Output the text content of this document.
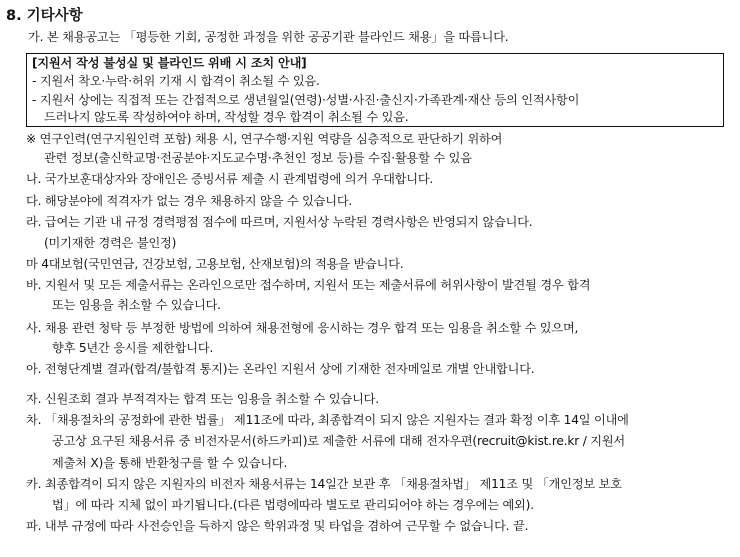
8. 기타사항
가. 본 채용공고는 「평등한 기회, 공정한 과정을 위한 공공기관 블라인드 채용」을 따릅니다.
[지원서 작성 불성실 및 블라인드 위배 시 조치 안내]
- 지원서 착오·누락·허위 기재 시 합격이 취소될 수 있음.
- 지원서 상에는 직접적 또는 간접적으로 생년월일(연령)·성별·사진·출신지·가족관계·재산 등의 인적사항이
드러나지 않도록 작성하여야 하며, 작성할 경우 합격이 취소될 수 있음.
※ 연구인력(연구지원인력 포함) 채용 시, 연구수행·지원 역량을 심층적으로 판단하기 위하여
관련 정보(출신학교명·전공분야·지도교수명·추천인 정보 등)를 수집·활용할 수 있음
나. 국가보훈대상자와 장애인은 증빙서류 제출 시 관계법령에 의거 우대합니다.
다. 해당분야에 적격자가 없는 경우 채용하지 않을 수 있습니다.
라. 급여는 기관 내 규정 경력평점 점수에 따르며, 지원서상 누락된 경력사항은 반영되지 않습니다.
(미기재한 경력은 불인정)
마 4대보험(국민연금, 건강보험, 고용보험, 산재보험)의 적용을 받습니다.
바. 지원서 및 모든 제출서류는 온라인으로만 접수하며, 지원서 또는 제출서류에 허위사항이 발견될 경우 합격
또는 임용을 취소할 수 있습니다.
사. 채용 관련 청탁 등 부정한 방법에 의하여 채용전형에 응시하는 경우 합격 또는 임용을 취소할 수 있으며,
향후 5년간 응시를 제한합니다.
아. 전형단계별 결과(합격/불합격 통지)는 온라인 지원서 상에 기재한 전자메일로 개별 안내합니다.
자. 신원조회 결과 부적격자는 합격 또는 임용을 취소할 수 있습니다.
차. 「채용절차의 공정화에 관한 법률」 제11조에 따라, 최종합격이 되지 않은 지원자는 결과 확정 이후 14일 이내에
공고상 요구된 채용서류 중 비전자문서(하드카피)로 제출한 서류에 대해 전자우편(recruit@kist.re.kr / 지원서
제출처 X)을 통해 반환청구를 할 수 있습니다.
카. 최종합격이 되지 않은 지원자의 비전자 채용서류는 14일간 보관 후 「채용절차법」 제11조 및 「개인정보 보호
법」에 따라 지체 없이 파기됩니다.(다른 법령에따라 별도로 관리되어야 하는 경우에는 예외).
파. 내부 규정에 따라 사전승인을 득하지 않은 학위과정 및 타업을 겸하여 근무할 수 없습니다. 끝.
